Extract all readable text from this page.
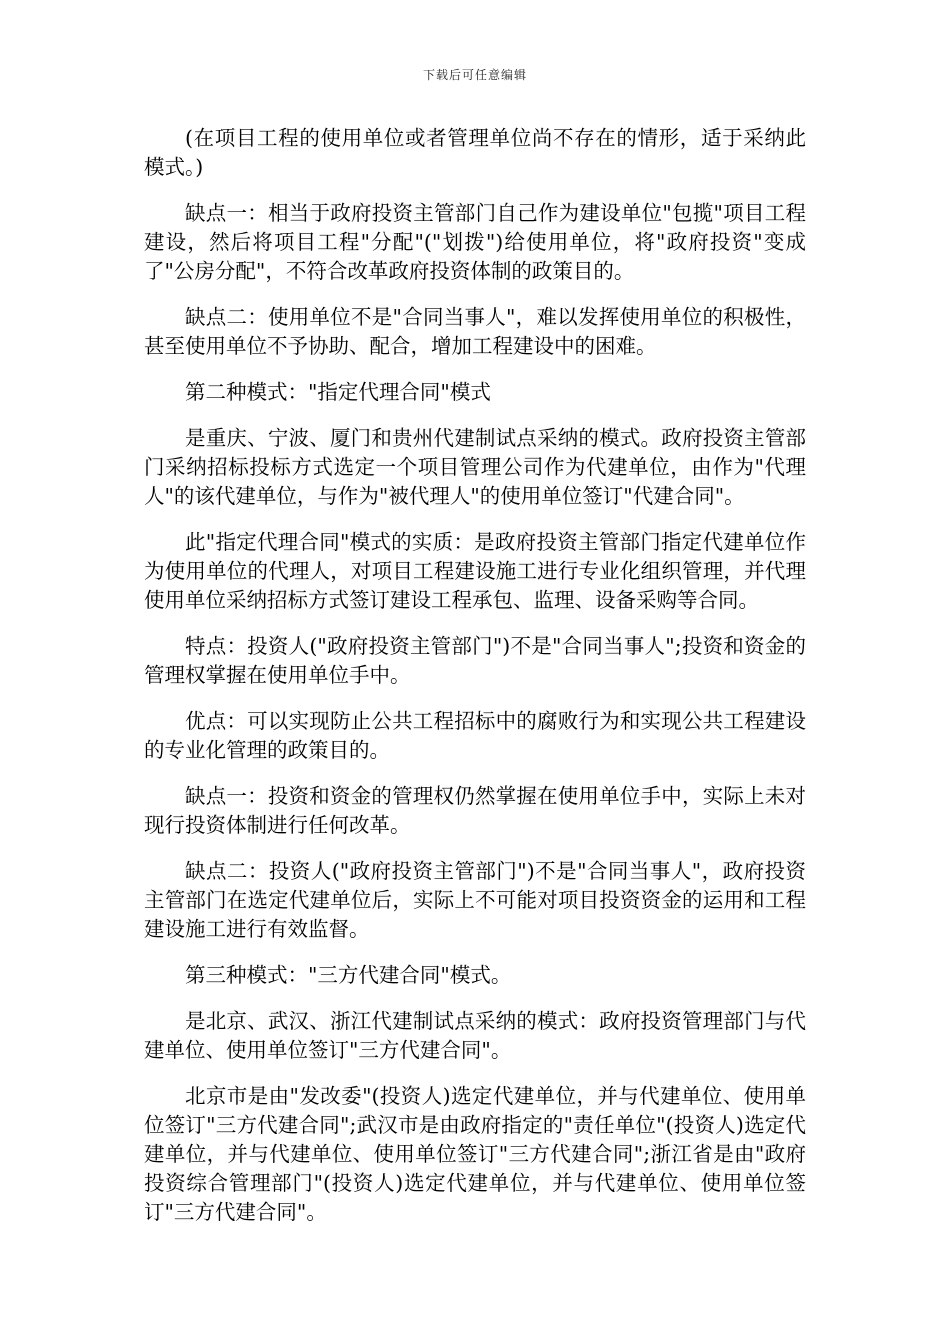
下载后可任意编辑

(在项目工程的使用单位或者管理单位尚不存在的情形，适于采纳此模式。)

缺点一：相当于政府投资主管部门自己作为建设单位"包揽"项目工程建设，然后将项目工程"分配"("划拨")给使用单位，将"政府投资"变成了"公房分配"，不符合改革政府投资体制的政策目的。

缺点二：使用单位不是"合同当事人"，难以发挥使用单位的积极性，甚至使用单位不予协助、配合，增加工程建设中的困难。

第二种模式："指定代理合同"模式

是重庆、宁波、厦门和贵州代建制试点采纳的模式。政府投资主管部门采纳招标投标方式选定一个项目管理公司作为代建单位，由作为"代理人"的该代建单位，与作为"被代理人"的使用单位签订"代建合同"。

此"指定代理合同"模式的实质：是政府投资主管部门指定代建单位作为使用单位的代理人，对项目工程建设施工进行专业化组织管理，并代理使用单位采纳招标方式签订建设工程承包、监理、设备采购等合同。

特点：投资人("政府投资主管部门")不是"合同当事人";投资和资金的管理权掌握在使用单位手中。

优点：可以实现防止公共工程招标中的腐败行为和实现公共工程建设的专业化管理的政策目的。

缺点一：投资和资金的管理权仍然掌握在使用单位手中，实际上未对现行投资体制进行任何改革。

缺点二：投资人("政府投资主管部门")不是"合同当事人"，政府投资主管部门在选定代建单位后，实际上不可能对项目投资资金的运用和工程建设施工进行有效监督。

第三种模式："三方代建合同"模式。

是北京、武汉、浙江代建制试点采纳的模式：政府投资管理部门与代建单位、使用单位签订"三方代建合同"。

北京市是由"发改委"(投资人)选定代建单位，并与代建单位、使用单位签订"三方代建合同";武汉市是由政府指定的"责任单位"(投资人)选定代建单位，并与代建单位、使用单位签订"三方代建合同";浙江省是由"政府投资综合管理部门"(投资人)选定代建单位，并与代建单位、使用单位签订"三方代建合同"。
